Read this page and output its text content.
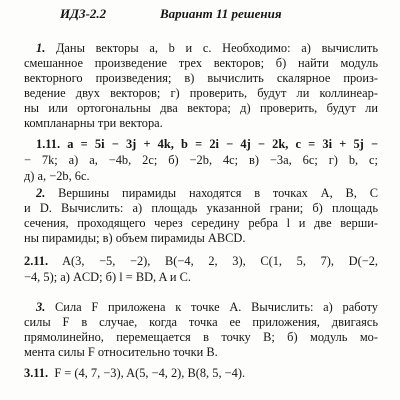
ИДЗ-2.2	Вариант 11 решения
1. Даны векторы a, b и c. Необходимо: а) вычислить
смешанное произведение трех векторов; б) найти модуль
векторного произведения; в) вычислить скалярное произ-
ведение двух векторов; г) проверить, будут ли коллинеар-
ны или ортогональны два вектора; д) проверить, будут ли
компланарны три вектора.
1.11. a = 5i − 3j + 4k, b = 2i − 4j − 2k, c = 3i + 5j −
− 7k; а) a, −4b, 2c; б) −2b, 4c; в) −3a, 6c; г) b, c;
д) a, −2b, 6c.
2. Вершины пирамиды находятся в точках A, B, C
и D. Вычислить: а) площадь указанной грани; б) площадь
сечения, проходящего через середину ребра l и две верши-
ны пирамиды; в) объем пирамиды ABCD.
2.11. A(3, −5, −2), B(−4, 2, 3), C(1, 5, 7), D(−2,
−4, 5); а) ACD; б) l = BD, A и C.
3. Сила F приложена к точке A. Вычислить: а) работу
силы F в случае, когда точка ее приложения, двигаясь
прямолинейно, перемещается в точку B; б) модуль мо-
мента силы F относительно точки B.
3.11. F = (4, 7, −3), A(5, −4, 2), B(8, 5, −4).
